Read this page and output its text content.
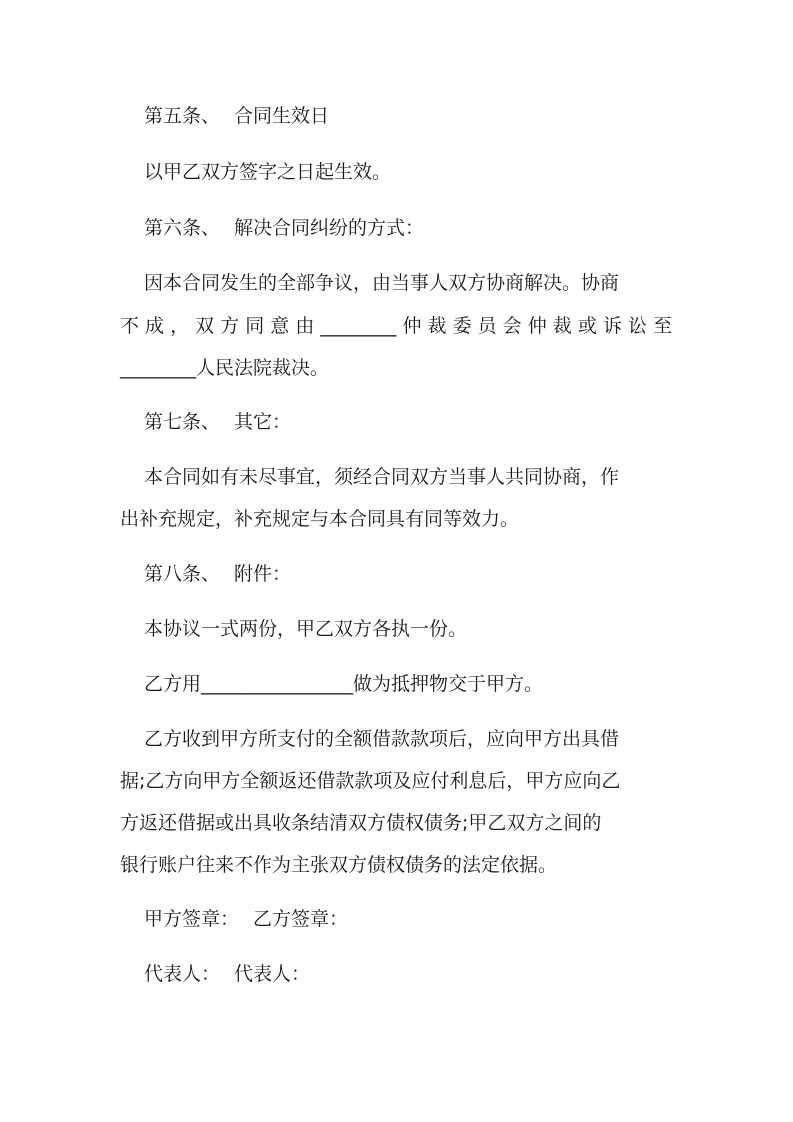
第五条、 合同生效日
以甲乙双方签字之日起生效。
第六条、 解决合同纠纷的方式：
因本合同发生的全部争议，由当事人双方协商解决。协商
不成，双方同意由________仲裁委员会仲裁或诉讼至
________人民法院裁决。
第七条、 其它：
本合同如有未尽事宜，须经合同双方当事人共同协商，作
出补充规定，补充规定与本合同具有同等效力。
第八条、 附件：
本协议一式两份，甲乙双方各执一份。
乙方用________________做为抵押物交于甲方。
乙方收到甲方所支付的全额借款款项后，应向甲方出具借
据;乙方向甲方全额返还借款款项及应付利息后，甲方应向乙
方返还借据或出具收条结清双方债权债务;甲乙双方之间的
银行账户往来不作为主张双方债权债务的法定依据。
甲方签章： 乙方签章：
代表人： 代表人：
